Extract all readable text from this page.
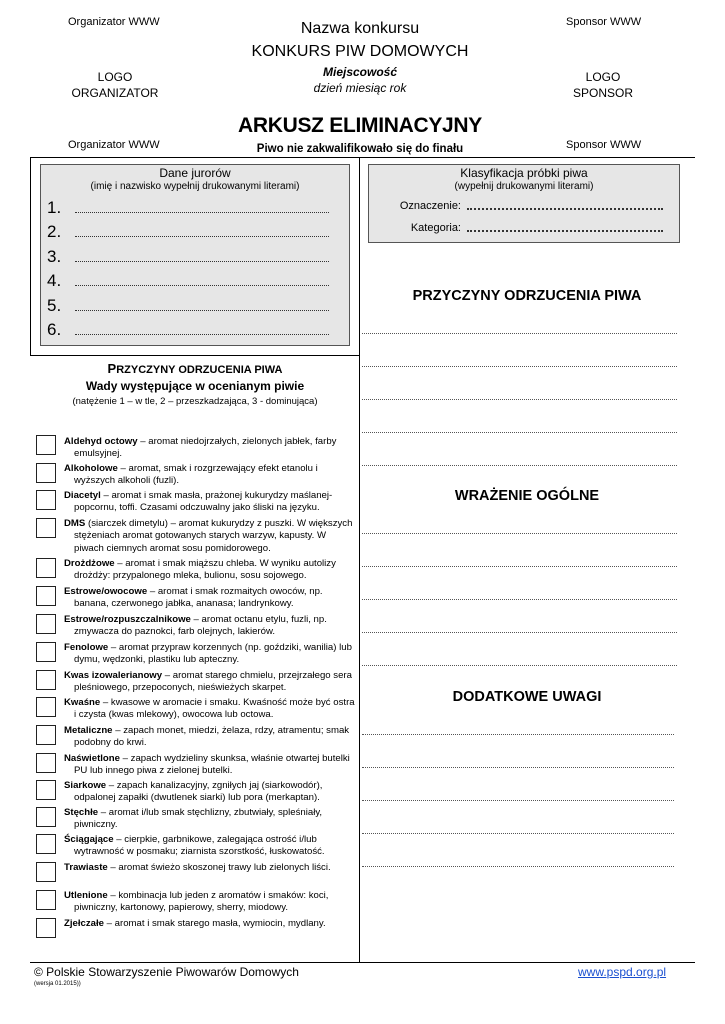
Organizator WWW	Sponsor WWW
Nazwa konkursu
KONKURS PIW DOMOWYCH
Miejscowość
dzień miesiąc rok
LOGO
ORGANIZATOR
LOGO
SPONSOR
Organizator WWW	Sponsor WWW
ARKUSZ ELIMINACYJNY
Piwo nie zakwalifikowało się do finału
Dane jurorów
(imię i nazwisko wypełnij drukowanymi literami)
1.
2.
3.
4.
5.
6.
Klasyfikacja próbki piwa
(wypełnij drukowanymi literami)
Oznaczenie:
Kategoria:
PRZYCZYNY ODRZUCENIA PIWA
WRAŻENIE OGÓLNE
DODATKOWE UWAGI
PRZYCZYNY ODRZUCENIA PIWA
Wady występujące w ocenianym piwie
(natężenie 1 – w tle, 2 – przeszkadzająca, 3 - dominująca)
Aldehyd octowy – aromat niedojrzałych, zielonych jabłek, farby emulsyjnej.
Alkoholowe – aromat, smak i rozgrzewający efekt etanolu i wyższych alkoholi (fuzli).
Diacetyl – aromat i smak masła, prażonej kukurydzy maślanej- popcornu, toffi. Czasami odczuwalny jako śliski na języku.
DMS (siarczek dimetylu) – aromat kukurydzy z puszki. W większych stężeniach aromat gotowanych starych warzyw, kapusty. W piwach ciemnych aromat sosu pomidorowego.
Drożdżowe – aromat i smak miąższu chleba. W wyniku autolizy drożdży: przypalonego mleka, bulionu, sosu sojowego.
Estrowe/owocowe – aromat i smak rozmaitych owoców, np. banana, czerwonego jabłka, ananasa; landrynkowy.
Estrowe/rozpuszczalnikowe – aromat octanu etylu, fuzli, np. zmywacza do paznokci, farb olejnych, lakierów.
Fenolowe – aromat przypraw korzennych (np. goździki, wanilia) lub dymu, wędzonki, plastiku lub apteczny.
Kwas izowalerianowy – aromat starego chmielu, przejrzałego sera pleśniowego, przepoconych, nieświeżych skarpet.
Kwaśne – kwasowe w aromacie i smaku. Kwaśność może być ostra i czysta (kwas mlekowy), owocowa lub octowa.
Metaliczne – zapach monet, miedzi, żelaza, rdzy, atramentu; smak podobny do krwi.
Naświetlone – zapach wydzieliny skunksa, właśnie otwartej butelki PU lub innego piwa z zielonej butelki.
Siarkowe – zapach kanalizacyjny, zgniłych jaj (siarkowodór), odpalonej zapałki (dwutlenek siarki) lub pora (merkaptan).
Stęchłe – aromat i/lub smak stęchlizny, zbutwiały, spleśniały, piwniczny.
Ściągające – cierpkie, garbnikowe, zalegająca ostrość i/lub wytrawność w posmaku; ziarnista szorstkość, łuskowatość.
Trawiaste – aromat świeżo skoszonej trawy lub zielonych liści.
Utlenione – kombinacja lub jeden z aromatów i smaków: koci, piwniczny, kartonowy, papierowy, sherry, miodowy.
Zjełczałe – aromat i smak starego masła, wymiocin, mydlany.
© Polskie Stowarzyszenie Piwowarów Domowych
(wersja 01.2015))
www.pspd.org.pl
